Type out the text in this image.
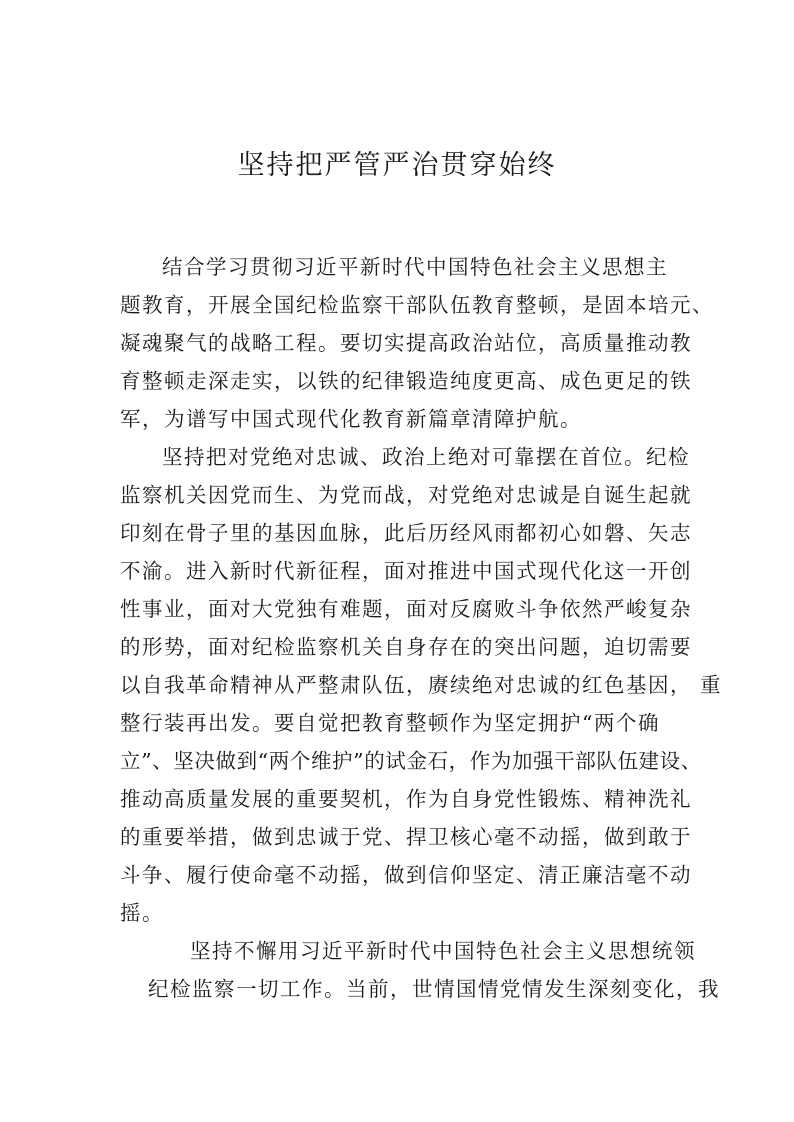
坚持把严管严治贯穿始终
结合学习贯彻习近平新时代中国特色社会主义思想主
题教育，开展全国纪检监察干部队伍教育整顿，是固本培元、
凝魂聚气的战略工程。要切实提高政治站位，高质量推动教
育整顿走深走实，以铁的纪律锻造纯度更高、成色更足的铁
军，为谱写中国式现代化教育新篇章清障护航。
坚持把对党绝对忠诚、政治上绝对可靠摆在首位。纪检
监察机关因党而生、为党而战，对党绝对忠诚是自诞生起就
印刻在骨子里的基因血脉，此后历经风雨都初心如磐、矢志
不渝。进入新时代新征程，面对推进中国式现代化这一开创
性事业，面对大党独有难题，面对反腐败斗争依然严峻复杂
的形势，面对纪检监察机关自身存在的突出问题，迫切需要
以自我革命精神从严整肃队伍，赓续绝对忠诚的红色基因， 重
整行装再出发。要自觉把教育整顿作为坚定拥护“两个确
立”、坚决做到“两个维护”的试金石，作为加强干部队伍建设、
推动高质量发展的重要契机，作为自身党性锻炼、精神洗礼
的重要举措，做到忠诚于党、捍卫核心毫不动摇，做到敢于
斗争、履行使命毫不动摇，做到信仰坚定、清正廉洁毫不动
摇。
坚持不懈用习近平新时代中国特色社会主义思想统领
纪检监察一切工作。当前，世情国情党情发生深刻变化，我
